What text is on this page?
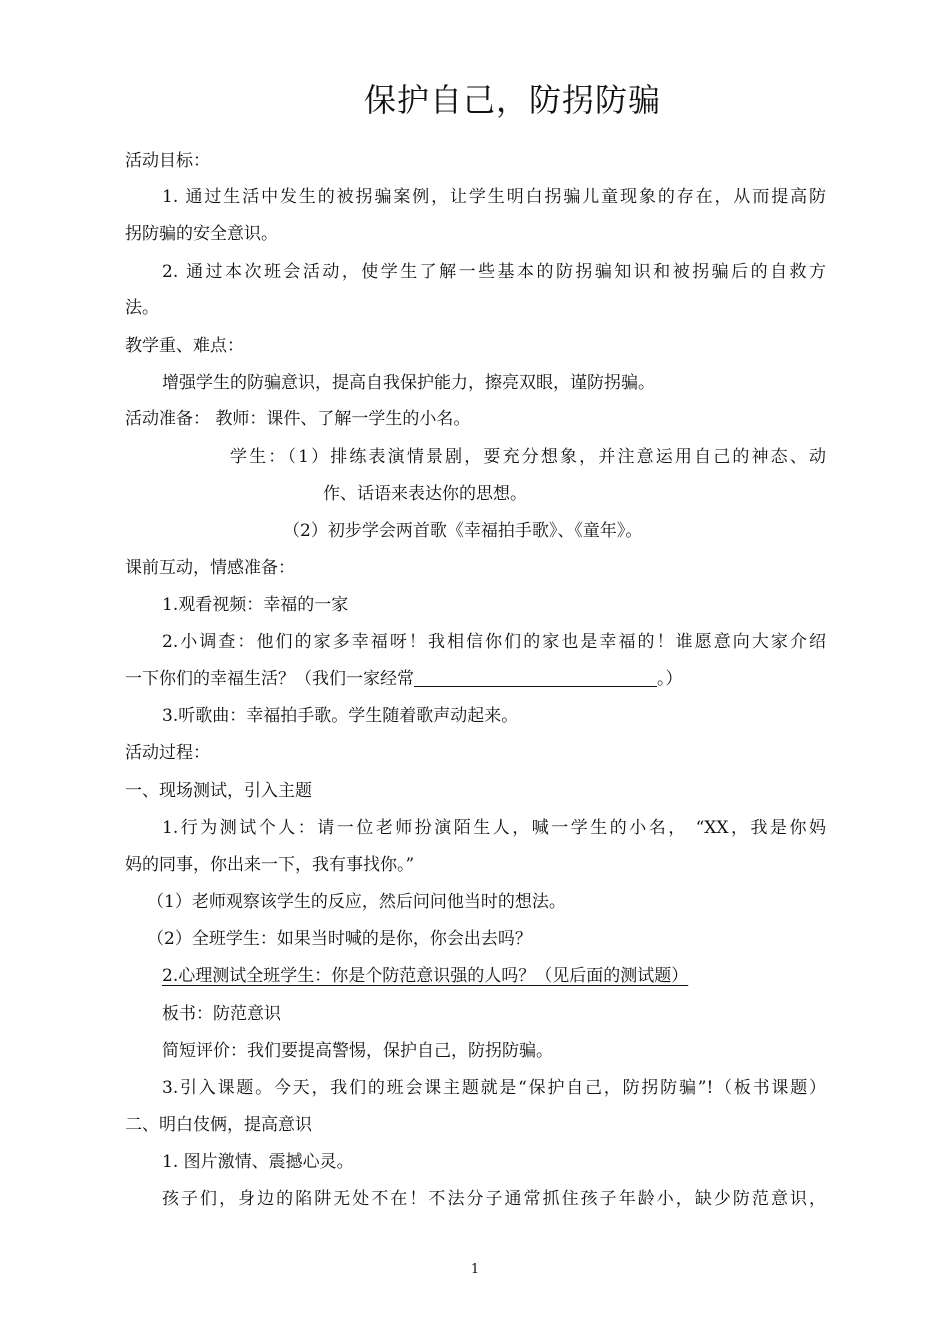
保护自己，防拐防骗
活动目标：
1. 通过生活中发生的被拐骗案例，让学生明白拐骗儿童现象的存在，从而提高防
拐防骗的安全意识。
2. 通过本次班会活动，使学生了解一些基本的防拐骗知识和被拐骗后的自救方
法。
教学重、难点：
增强学生的防骗意识，提高自我保护能力，擦亮双眼，谨防拐骗。
活动准备： 教师：课件、了解一学生的小名。
学生：（1）排练表演情景剧，要充分想象，并注意运用自己的神态、动
作、话语来表达你的思想。
（2）初步学会两首歌《幸福拍手歌》、《童年》。
课前互动，情感准备：
1.观看视频：幸福的一家
2.小调查：他们的家多幸福呀！我相信你们的家也是幸福的！谁愿意向大家介绍
一下你们的幸福生活？（我们一家经常	。）
3.听歌曲：幸福拍手歌。学生随着歌声动起来。
活动过程：
一、现场测试，引入主题
1.行为测试个人：请一位老师扮演陌生人，喊一学生的小名， “XX，我是你妈
妈的同事，你出来一下，我有事找你。”
（1）老师观察该学生的反应，然后问问他当时的想法。
（2）全班学生：如果当时喊的是你，你会出去吗？
2.心理测试全班学生：你是个防范意识强的人吗？（见后面的测试题）
板书：防范意识
简短评价：我们要提高警惕，保护自己，防拐防骗。
3.引入课题。今天，我们的班会课主题就是“保护自己，防拐防骗”!（板书课题）
二、明白伎俩，提高意识
1. 图片激情、震撼心灵。
孩子们，身边的陷阱无处不在！不法分子通常抓住孩子年龄小，缺少防范意识，
1
